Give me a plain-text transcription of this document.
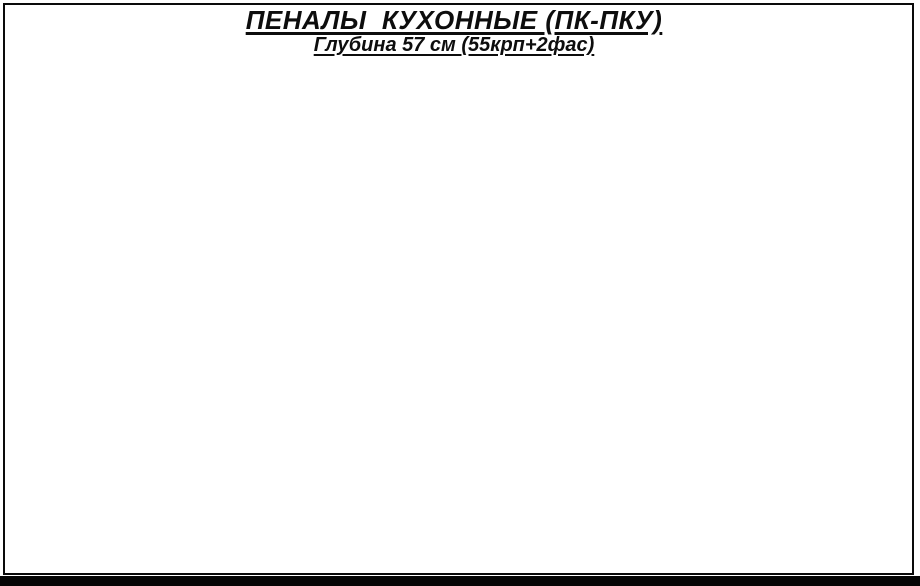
ПЕНАЛЫ  КУХОННЫЕ (ПК-ПКУ)
Глубина 57 см (55крп+2фас)
